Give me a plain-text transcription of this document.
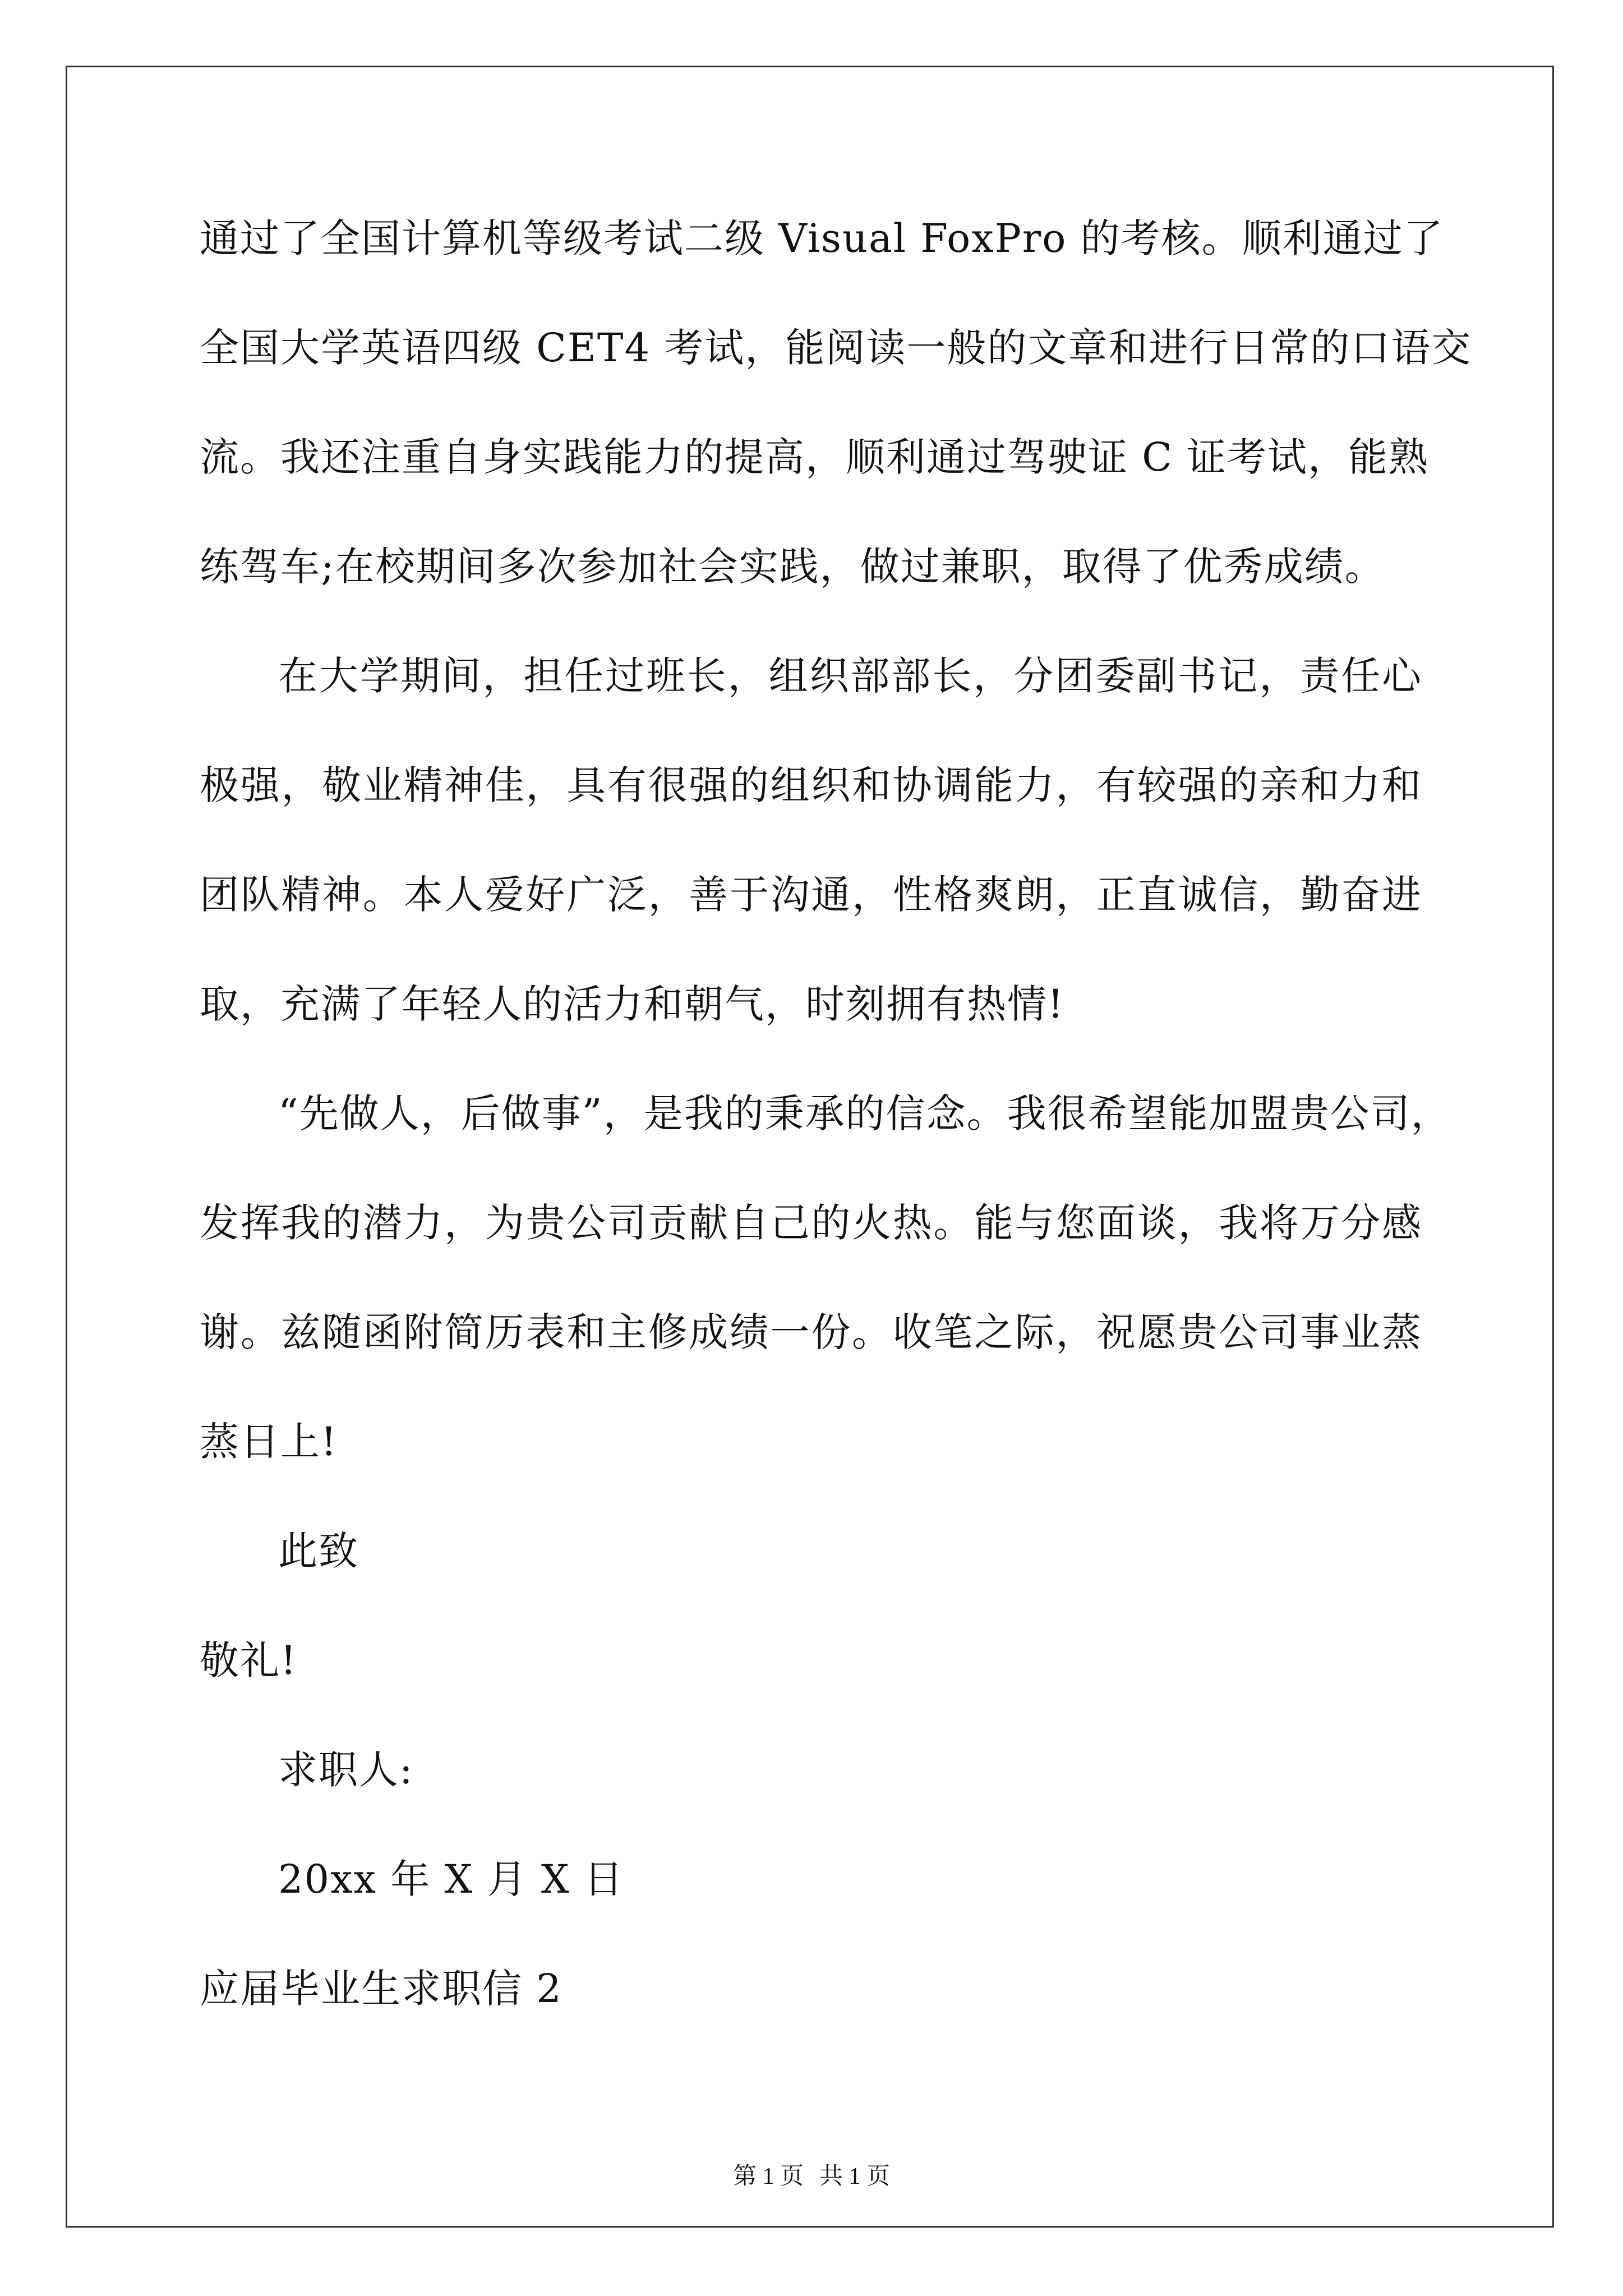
通过了全国计算机等级考试二级 Visual FoxPro 的考核。顺利通过了
全国大学英语四级 CET4 考试，能阅读一般的文章和进行日常的口语交
流。我还注重自身实践能力的提高，顺利通过驾驶证 C 证考试，能熟
练驾车;在校期间多次参加社会实践，做过兼职，取得了优秀成绩。
在大学期间，担任过班长，组织部部长，分团委副书记，责任心
极强，敬业精神佳，具有很强的组织和协调能力，有较强的亲和力和
团队精神。本人爱好广泛，善于沟通，性格爽朗，正直诚信，勤奋进
取，充满了年轻人的活力和朝气，时刻拥有热情!
“先做人，后做事”，是我的秉承的信念。我很希望能加盟贵公司，
发挥我的潜力，为贵公司贡献自己的火热。能与您面谈，我将万分感
谢。兹随函附简历表和主修成绩一份。收笔之际，祝愿贵公司事业蒸
蒸日上!
此致
敬礼!
求职人:
20xx 年 X 月 X 日
应届毕业生求职信 2
第 1 页 共 1 页
